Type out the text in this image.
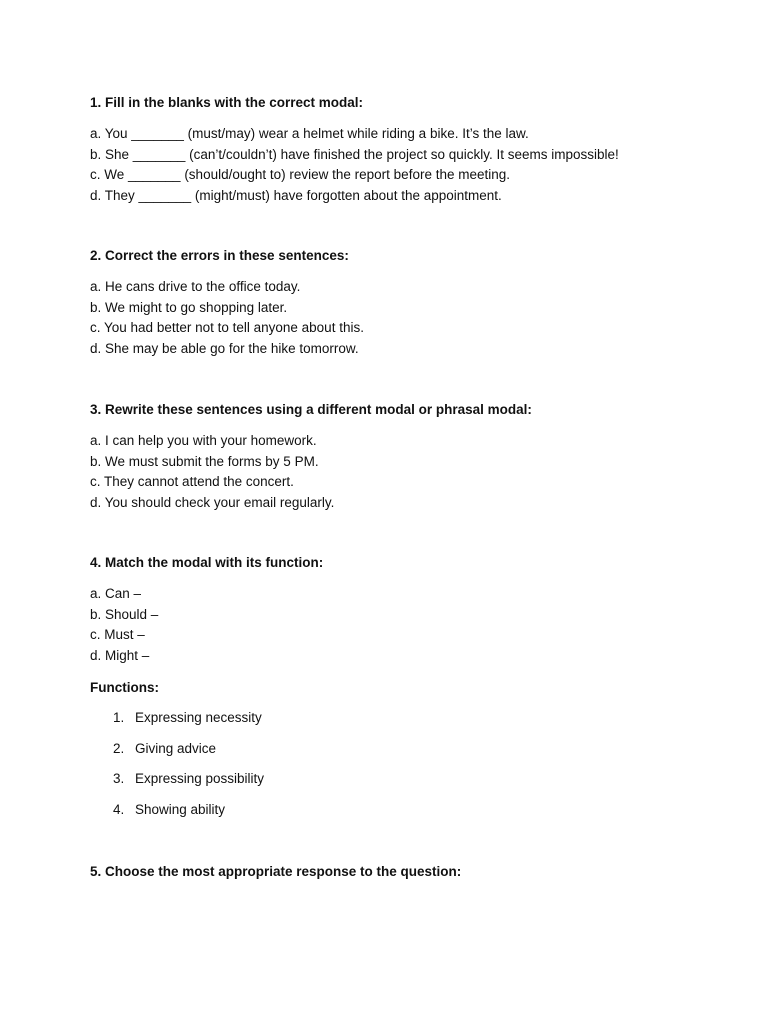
1. Fill in the blanks with the correct modal:

a. You _______ (must/may) wear a helmet while riding a bike. It’s the law.
b. She _______ (can’t/couldn’t) have finished the project so quickly. It seems impossible!
c. We _______ (should/ought to) review the report before the meeting.
d. They _______ (might/must) have forgotten about the appointment.

2. Correct the errors in these sentences:

a. He cans drive to the office today.
b. We might to go shopping later.
c. You had better not to tell anyone about this.
d. She may be able go for the hike tomorrow.

3. Rewrite these sentences using a different modal or phrasal modal:

a. I can help you with your homework.
b. We must submit the forms by 5 PM.
c. They cannot attend the concert.
d. You should check your email regularly.

4. Match the modal with its function:

a. Can –
b. Should –
c. Must –
d. Might –
Functions:
1. Expressing necessity
2. Giving advice
3. Expressing possibility
4. Showing ability

5. Choose the most appropriate response to the question:
